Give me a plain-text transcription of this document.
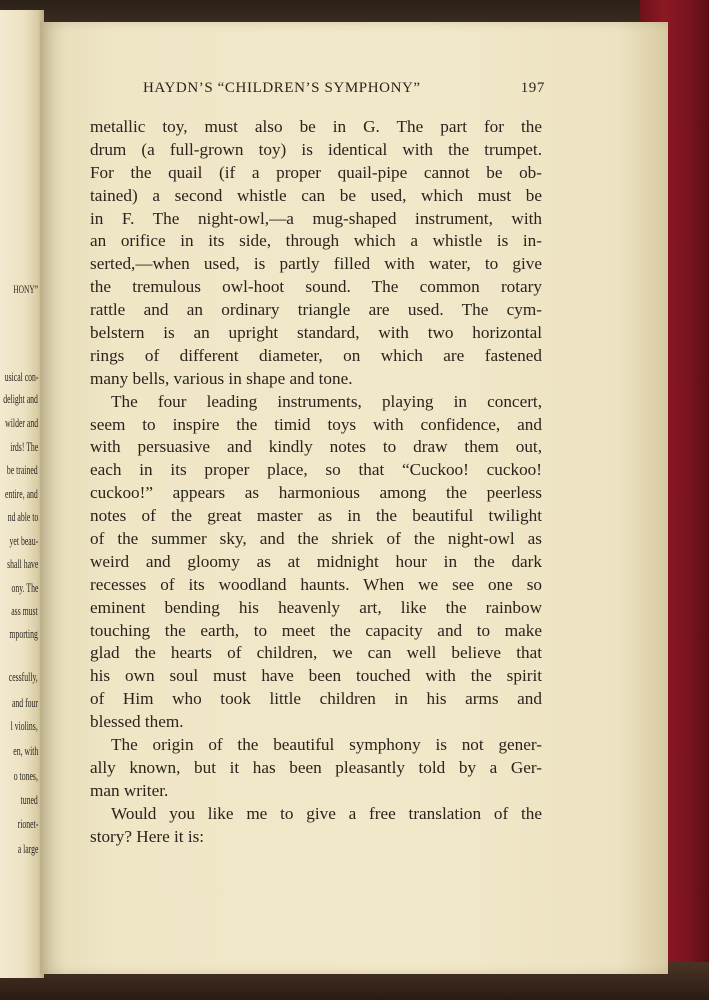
HONY”
usical con-
delight and
wilder and
irds! The
be trained
entire, and
nd able to
yet beau-
shall have
ony. The
ass must
mporting
cessfully,
and four
l violins,
en, with
o tones,
tuned
rionet-
a large
HAYDN’S “CHILDREN’S SYMPHONY”	197
metallic toy, must also be in G. The part for the
drum (a full-grown toy) is identical with the trumpet.
For the quail (if a proper quail-pipe cannot be ob-
tained) a second whistle can be used, which must be
in F. The night-owl,—a mug-shaped instrument, with
an orifice in its side, through which a whistle is in-
serted,—when used, is partly filled with water, to give
the tremulous owl-hoot sound. The common rotary
rattle and an ordinary triangle are used. The cym-
belstern is an upright standard, with two horizontal
rings of different diameter, on which are fastened
many bells, various in shape and tone.
The four leading instruments, playing in concert,
seem to inspire the timid toys with confidence, and
with persuasive and kindly notes to draw them out,
each in its proper place, so that “Cuckoo! cuckoo!
cuckoo!” appears as harmonious among the peerless
notes of the great master as in the beautiful twilight
of the summer sky, and the shriek of the night-owl as
weird and gloomy as at midnight hour in the dark
recesses of its woodland haunts. When we see one so
eminent bending his heavenly art, like the rainbow
touching the earth, to meet the capacity and to make
glad the hearts of children, we can well believe that
his own soul must have been touched with the spirit
of Him who took little children in his arms and
blessed them.
The origin of the beautiful symphony is not gener-
ally known, but it has been pleasantly told by a Ger-
man writer.
Would you like me to give a free translation of the
story? Here it is:
